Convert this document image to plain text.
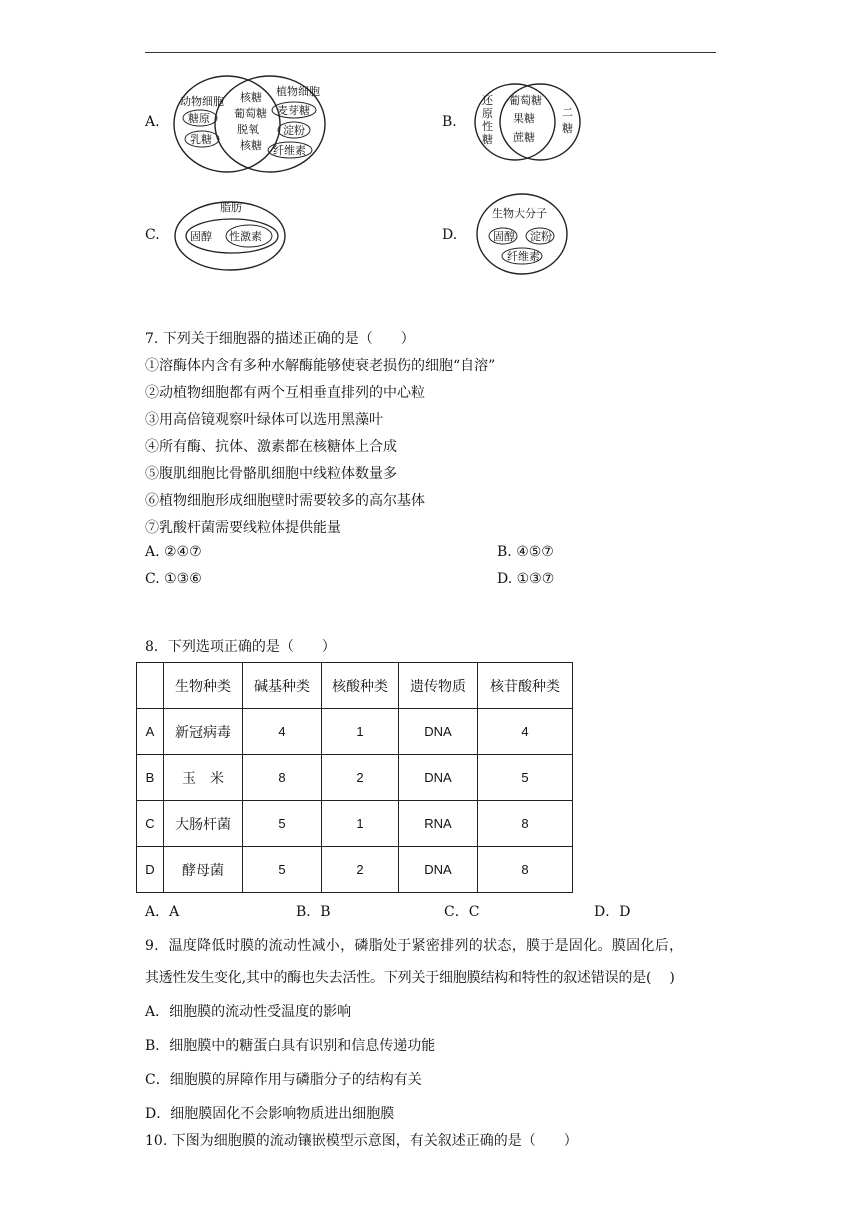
A.
动物细胞
糖原
乳糖
核糖
葡萄糖
脱氧
核糖
植物细胞
麦芽糖
淀粉
纤维素
B.
还
原
性
糖
葡萄糖
果糖
蔗糖
二
糖
C.
脂肪
固醇 性激素	D.
生物大分子
固醇 淀粉
纤维素
7. 下列关于细胞器的描述正确的是（　　）
①溶酶体内含有多种水解酶能够使衰老损伤的细胞“自溶”
②动植物细胞都有两个互相垂直排列的中心粒
③用高倍镜观察叶绿体可以选用黑藻叶
④所有酶、抗体、激素都在核糖体上合成
⑤腹肌细胞比骨骼肌细胞中线粒体数量多
⑥植物细胞形成细胞壁时需要较多的高尔基体
⑦乳酸杆菌需要线粒体提供能量
A. ②④⑦	B. ④⑤⑦
C. ①③⑥	D. ①③⑦
8．下列选项正确的是（　　）
	生物种类	碱基种类	核酸种类	遗传物质	核苷酸种类
A	新冠病毒	4	1	DNA	4
B	玉　米	8	2	DNA	5
C	大肠杆菌	5	1	RNA	8
D	酵母菌	5	2	DNA	8
A．A	B．B	C．C	D．D
9．温度降低时膜的流动性减小，磷脂处于紧密排列的状态，膜于是固化。膜固化后，
其透性发生变化,其中的酶也失去活性。下列关于细胞膜结构和特性的叙述错误的是(　 )
A．细胞膜的流动性受温度的影响
B．细胞膜中的糖蛋白具有识别和信息传递功能
C．细胞膜的屏障作用与磷脂分子的结构有关
D．细胞膜固化不会影响物质进出细胞膜
10. 下图为细胞膜的流动镶嵌模型示意图，有关叙述正确的是（　　）
